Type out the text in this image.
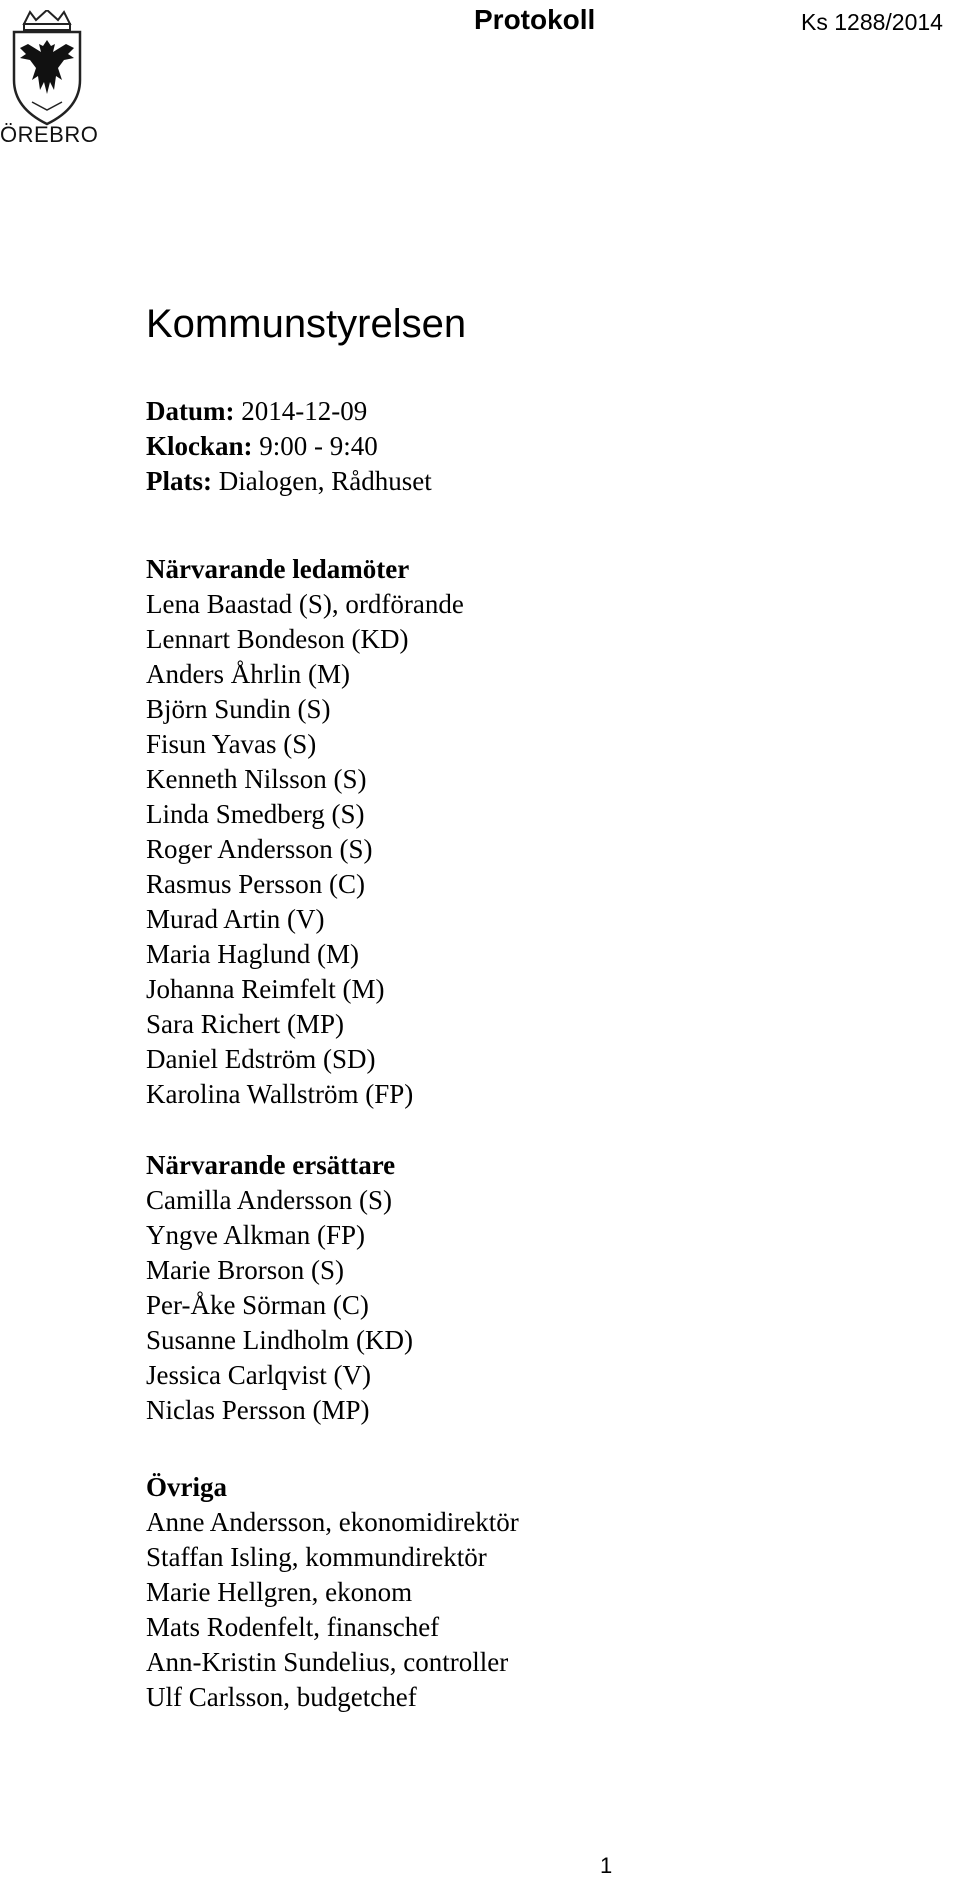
ÖREBRO
Protokoll	Ks 1288/2014
Kommunstyrelsen
Datum: 2014-12-09
Klockan: 9:00 - 9:40
Plats: Dialogen, Rådhuset
Närvarande ledamöter
Lena Baastad (S), ordförande
Lennart Bondeson (KD)
Anders Åhrlin (M)
Björn Sundin (S)
Fisun Yavas (S)
Kenneth Nilsson (S)
Linda Smedberg (S)
Roger Andersson (S)
Rasmus Persson (C)
Murad Artin (V)
Maria Haglund (M)
Johanna Reimfelt (M)
Sara Richert (MP)
Daniel Edström (SD)
Karolina Wallström (FP)
Närvarande ersättare
Camilla Andersson (S)
Yngve Alkman (FP)
Marie Brorson (S)
Per-Åke Sörman (C)
Susanne Lindholm (KD)
Jessica Carlqvist (V)
Niclas Persson (MP)
Övriga
Anne Andersson, ekonomidirektör
Staffan Isling, kommundirektör
Marie Hellgren, ekonom
Mats Rodenfelt, finanschef
Ann-Kristin Sundelius, controller
Ulf Carlsson, budgetchef
1
